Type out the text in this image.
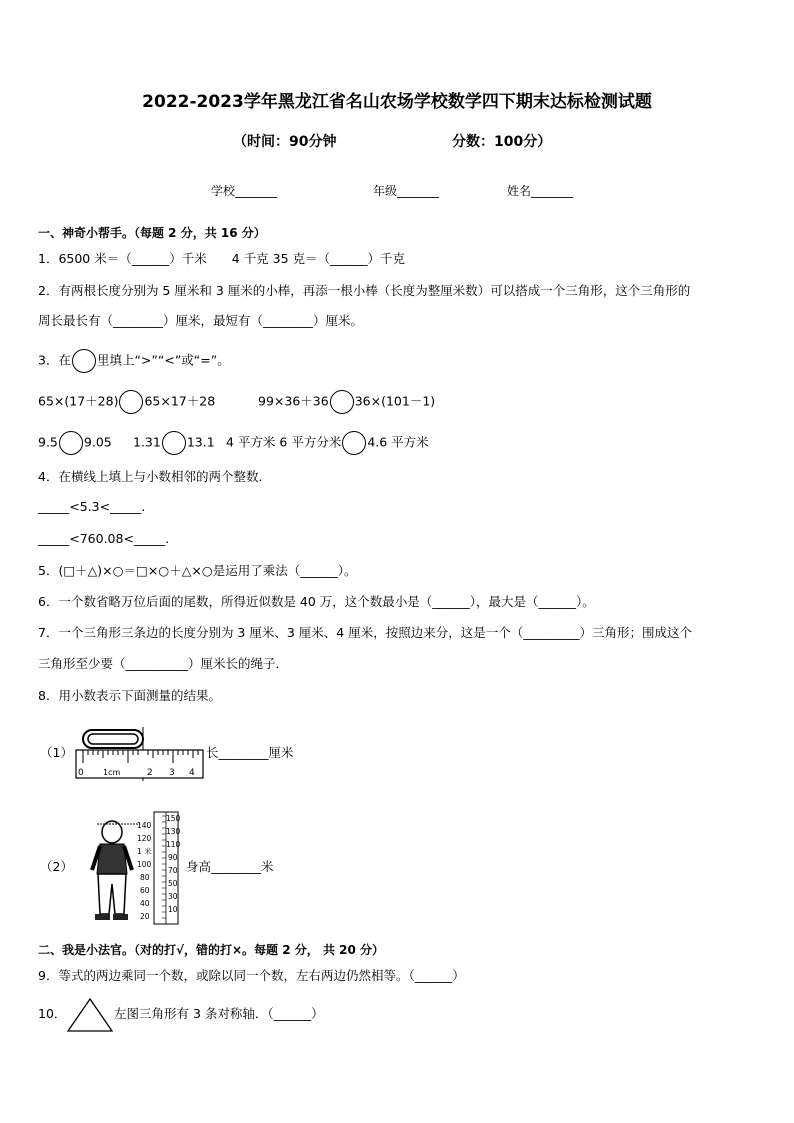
2022-2023学年黑龙江省名山农场学校数学四下期末达标检测试题
（时间：90分钟	分数：100分）
学校_______	年级_______	姓名_______
一、神奇小帮手。（每题 2 分，共 16 分）
1．6500 米＝（______）千米　　4 千克 35 克＝（______）千克
2．有两根长度分别为 5 厘米和 3 厘米的小棒，再添一根小棒（长度为整厘米数）可以搭成一个三角形，这个三角形的
周长最长有（________）厘米，最短有（________）厘米。
3．在 里填上“>”“<”或“=”。
65×(17＋28) 65×17＋28	99×36＋36 36×(101－1)
9.5 9.05 1.31 13.1 4 平方米 6 平方分米 4.6 平方米
4．在横线上填上与小数相邻的两个整数．
_____<5.3<_____.
_____<760.08<_____.
5．(□＋△)×○＝□×○＋△×○是运用了乘法（______）。
6．一个数省略万位后面的尾数，所得近似数是 40 万，这个数最小是（______），最大是（______）。
7．一个三角形三条边的长度分别为 3 厘米、3 厘米、4 厘米，按照边来分，这是一个（_________）三角形；围成这个
三角形至少要（__________）厘米长的绳子．
8．用小数表示下面测量的结果。
（1）
0 1cm	2 3 4
长________厘米
（2）
140
120
1 米
100
80
60
40
20
150
130
110
90
70
50
30
10
身高________米
二、我是小法官。（对的打√，错的打×。每题 2 分， 共 20 分）
9．等式的两边乘同一个数，或除以同一个数，左右两边仍然相等。（______）
10．	左图三角形有 3 条对称轴．（______）
